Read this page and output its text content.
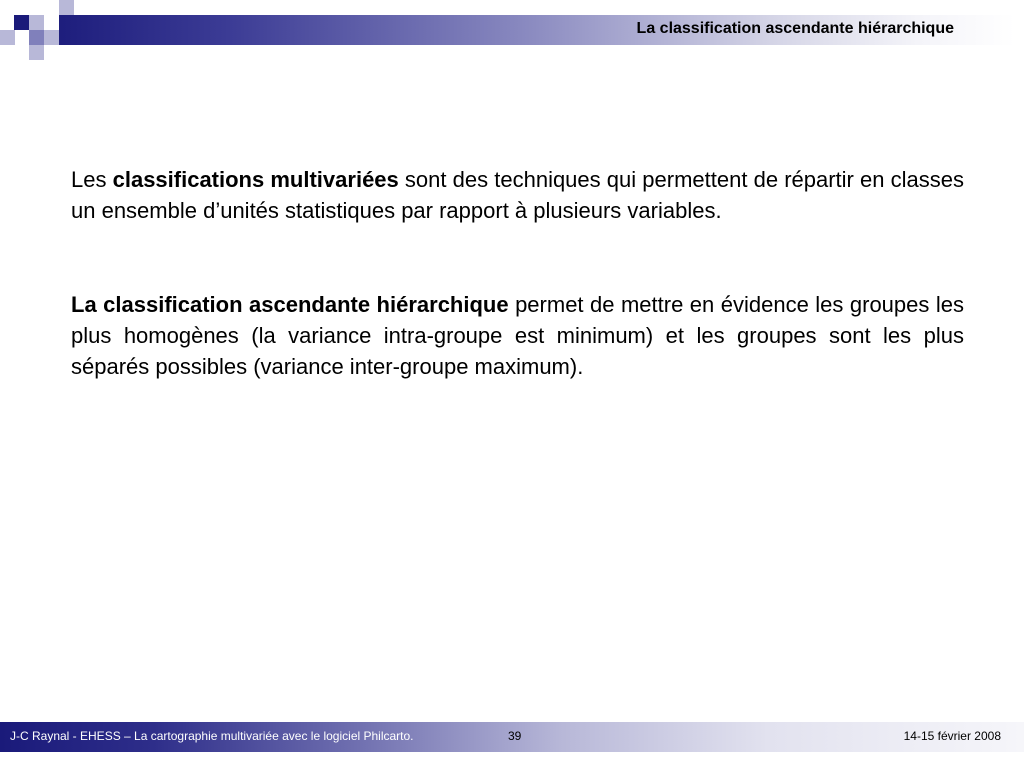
La classification ascendante hiérarchique

Les classifications multivariées sont des techniques qui permettent de répartir en classes un ensemble d’unités statistiques par rapport à plusieurs variables.

La classification ascendante hiérarchique permet de mettre en évidence les groupes les plus homogènes (la variance intra-groupe est minimum) et les groupes sont les plus séparés possibles (variance inter-groupe maximum).

J-C Raynal - EHESS – La cartographie multivariée avec le logiciel Philcarto.	39	14-15 février 2008
